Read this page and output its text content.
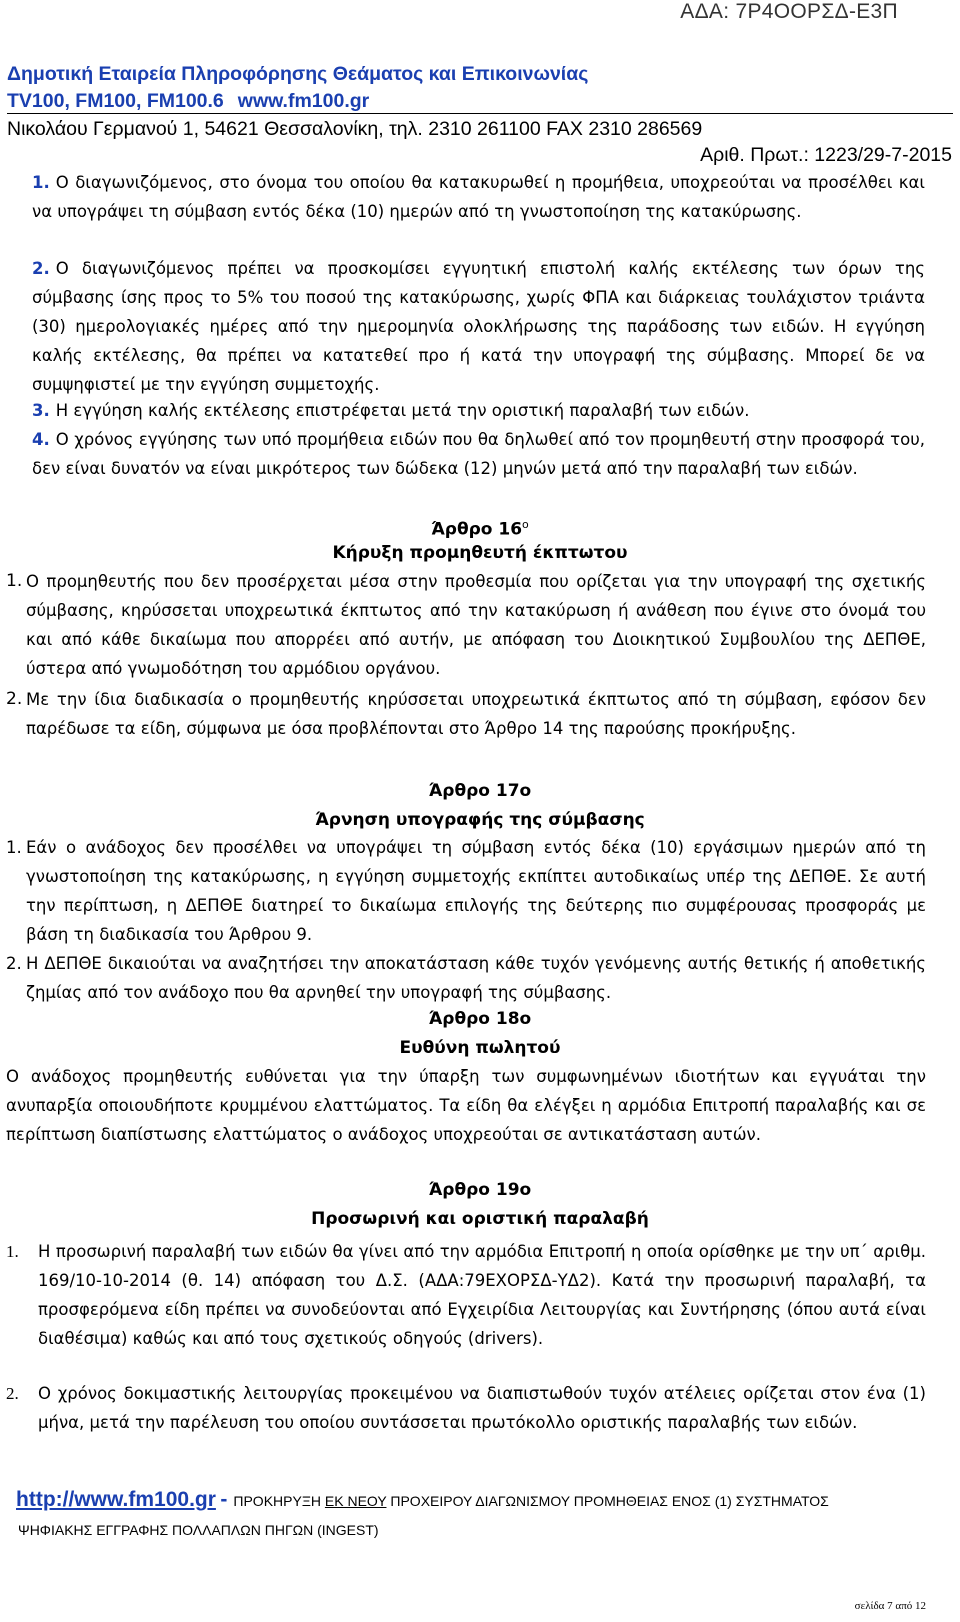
ΑΔΑ: 7Ρ4ΟΟΡΣΔ-Ε3Π
Δημοτική Εταιρεία Πληροφόρησης Θεάματος και Επικοινωνίας
TV100, FM100, FM100.6 www.fm100.gr
Νικολάου Γερμανού 1, 54621 Θεσσαλονίκη, τηλ. 2310 261100 FAX 2310 286569
Αριθ. Πρωτ.: 1223/29-7-2015
1. Ο διαγωνιζόμενος, στο όνομα του οποίου θα κατακυρωθεί η προμήθεια, υποχρεούται να προσέλθει και να υπογράψει τη σύμβαση εντός δέκα (10) ημερών από τη γνωστοποίηση της κατακύρωσης.
2. Ο διαγωνιζόμενος πρέπει να προσκομίσει εγγυητική επιστολή καλής εκτέλεσης των όρων της σύμβασης ίσης προς το 5% του ποσού της κατακύρωσης, χωρίς ΦΠΑ και διάρκειας τουλάχιστον τριάντα (30) ημερολογιακές ημέρες από την ημερομηνία ολοκλήρωσης της παράδοσης των ειδών. Η εγγύηση καλής εκτέλεσης, θα πρέπει να κατατεθεί προ ή κατά την υπογραφή της σύμβασης. Μπορεί δε να συμψηφιστεί με την εγγύηση συμμετοχής.
3. Η εγγύηση καλής εκτέλεσης επιστρέφεται μετά την οριστική παραλαβή των ειδών.
4. Ο χρόνος εγγύησης των υπό προμήθεια ειδών που θα δηλωθεί από τον προμηθευτή στην προσφορά του, δεν είναι δυνατόν να είναι μικρότερος των δώδεκα (12) μηνών μετά από την παραλαβή των ειδών.
Άρθρο $16^o$
Κήρυξη προμηθευτή έκπτωτου
1. Ο προμηθευτής που δεν προσέρχεται μέσα στην προθεσμία που ορίζεται για την υπογραφή της σχετικής σύμβασης, κηρύσσεται υποχρεωτικά έκπτωτος από την κατακύρωση ή ανάθεση που έγινε στο όνομά του και από κάθε δικαίωμα που απορρέει από αυτήν, με απόφαση του Διοικητικού Συμβουλίου της ΔΕΠΘΕ, ύστερα από γνωμοδότηση του αρμόδιου οργάνου.
2. Με την ίδια διαδικασία ο προμηθευτής κηρύσσεται υποχρεωτικά έκπτωτος από τη σύμβαση, εφόσον δεν παρέδωσε τα είδη, σύμφωνα με όσα προβλέπονται στο Άρθρο 14 της παρούσης προκήρυξης.
Άρθρο 17ο
Άρνηση υπογραφής της σύμβασης
1. Εάν ο ανάδοχος δεν προσέλθει να υπογράψει τη σύμβαση εντός δέκα (10) εργάσιμων ημερών από τη γνωστοποίηση της κατακύρωσης, η εγγύηση συμμετοχής εκπίπτει αυτοδικαίως υπέρ της ΔΕΠΘΕ. Σε αυτή την περίπτωση, η ΔΕΠΘΕ διατηρεί το δικαίωμα επιλογής της δεύτερης πιο συμφέρουσας προσφοράς με βάση τη διαδικασία του Άρθρου 9.
2. Η ΔΕΠΘΕ δικαιούται να αναζητήσει την αποκατάσταση κάθε τυχόν γενόμενης αυτής θετικής ή αποθετικής ζημίας από τον ανάδοχο που θα αρνηθεί την υπογραφή της σύμβασης.
Άρθρο 18ο
Ευθύνη πωλητού
Ο ανάδοχος προμηθευτής ευθύνεται για την ύπαρξη των συμφωνημένων ιδιοτήτων και εγγυάται την ανυπαρξία οποιουδήποτε κρυμμένου ελαττώματος. Τα είδη θα ελέγξει η αρμόδια Επιτροπή παραλαβής και σε περίπτωση διαπίστωσης ελαττώματος ο ανάδοχος υποχρεούται σε αντικατάσταση αυτών.
Άρθρο 19ο
Προσωρινή και οριστική παραλαβή
1. Η προσωρινή παραλαβή των ειδών θα γίνει από την αρμόδια Επιτροπή η οποία ορίσθηκε με την υπ΄ αριθμ. 169/10-10-2014 (θ. 14) απόφαση του Δ.Σ. (ΑΔΑ:79ΕΧΟΡΣΔ-ΥΔ2). Κατά την προσωρινή παραλαβή, τα προσφερόμενα είδη πρέπει να συνοδεύονται από Εγχειρίδια Λειτουργίας και Συντήρησης (όπου αυτά είναι διαθέσιμα) καθώς και από τους σχετικούς οδηγούς (drivers).
2. Ο χρόνος δοκιμαστικής λειτουργίας προκειμένου να διαπιστωθούν τυχόν ατέλειες ορίζεται στον ένα (1) μήνα, μετά την παρέλευση του οποίου συντάσσεται πρωτόκολλο οριστικής παραλαβής των ειδών.
http://www.fm100.gr - ΠΡΟΚΗΡΥΞΗ ΕΚ ΝΕΟΥ ΠΡΟΧΕΙΡΟΥ ΔΙΑΓΩΝΙΣΜΟΥ ΠΡΟΜΗΘΕΙΑΣ ΕΝΟΣ (1) ΣΥΣΤΗΜΑΤΟΣ
ΨΗΦΙΑΚΗΣ ΕΓΓΡΑΦΗΣ ΠΟΛΛΑΠΛΩΝ ΠΗΓΩΝ (INGEST)
σελίδα 7 από 12
